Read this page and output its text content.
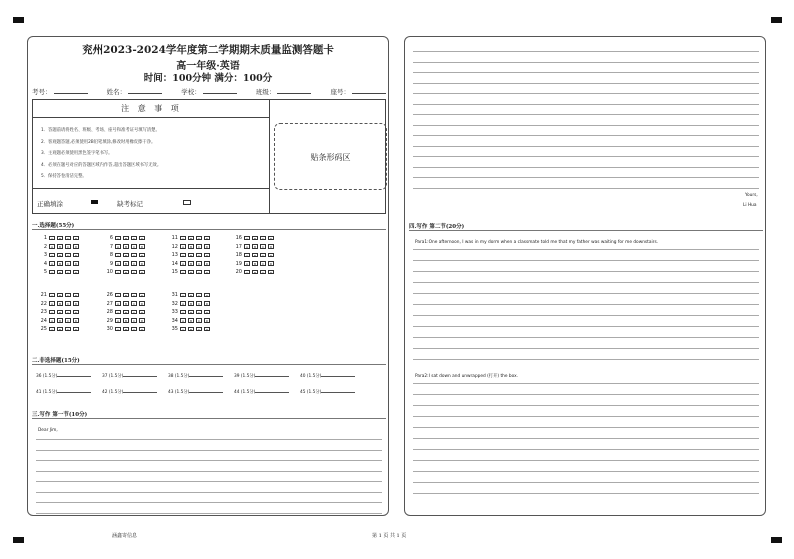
兖州2023-2024学年度第二学期期末质量监测答题卡
高一年级·英语
时间：100分钟 满分：100分
考号：	姓名：	学校：	班级：	座号：
注 意 事 项
1．答题前请将姓名、班级、考场、座号和准考证号填写清楚。
2．客观题答题,必须使用2B铅笔填涂,修改时用橡皮擦干净。
3．主观题必须使用黑色签字笔书写。
4．必须在题号对应的答题区域内作答,超出答题区域书写无效。
5．保持答卷清洁完整。
正确填涂	缺考标记
贴条形码区
一.选择题(55分)
1	A	B	C	D
2	A	B	C	D
3	A	B	C	D
4	A	B	C	D
5	A	B	C	D
6	A	B	C	D
7	A	B	C	D
8	A	B	C	D
9	A	B	C	D
10	A	B	C	D
11	A	B	C	D
12	A	B	C	D
13	A	B	C	D
14	A	B	C	D
15	A	B	C	D
16	A	B	C	D
17	A	B	C	D
18	A	B	C	D
19	A	B	C	D
20	A	B	C	D
21	A	B	C	D
22	A	B	C	D
23	A	B	C	D
24	A	B	C	D
25	A	B	C	D
26	A	B	C	D
27	A	B	C	D
28	A	B	C	D
29	A	B	C	D
30	A	B	C	D
31	A	B	C	D
32	A	B	C	D
33	A	B	C	D
34	A	B	C	D
35	A	B	C	D
二.非选择题(15分)
36 (1.5分)	37 (1.5分)	38 (1.5分)	39 (1.5分)	40 (1.5分)
41 (1.5分)	42 (1.5分)	43 (1.5分)	44 (1.5分)	45 (1.5分)
三.写作 第一节(10分)
Dear Jim,
Yours,
Li Hua
四.写作 第二节(20分)
Para1:One afternoon, I was in my dorm when a classmate told me that my father was waiting for me downstairs.
Para2:I sat down and unwrapped (打开) the box.
涵鑫寄信息	第 1 页 共 1 页
